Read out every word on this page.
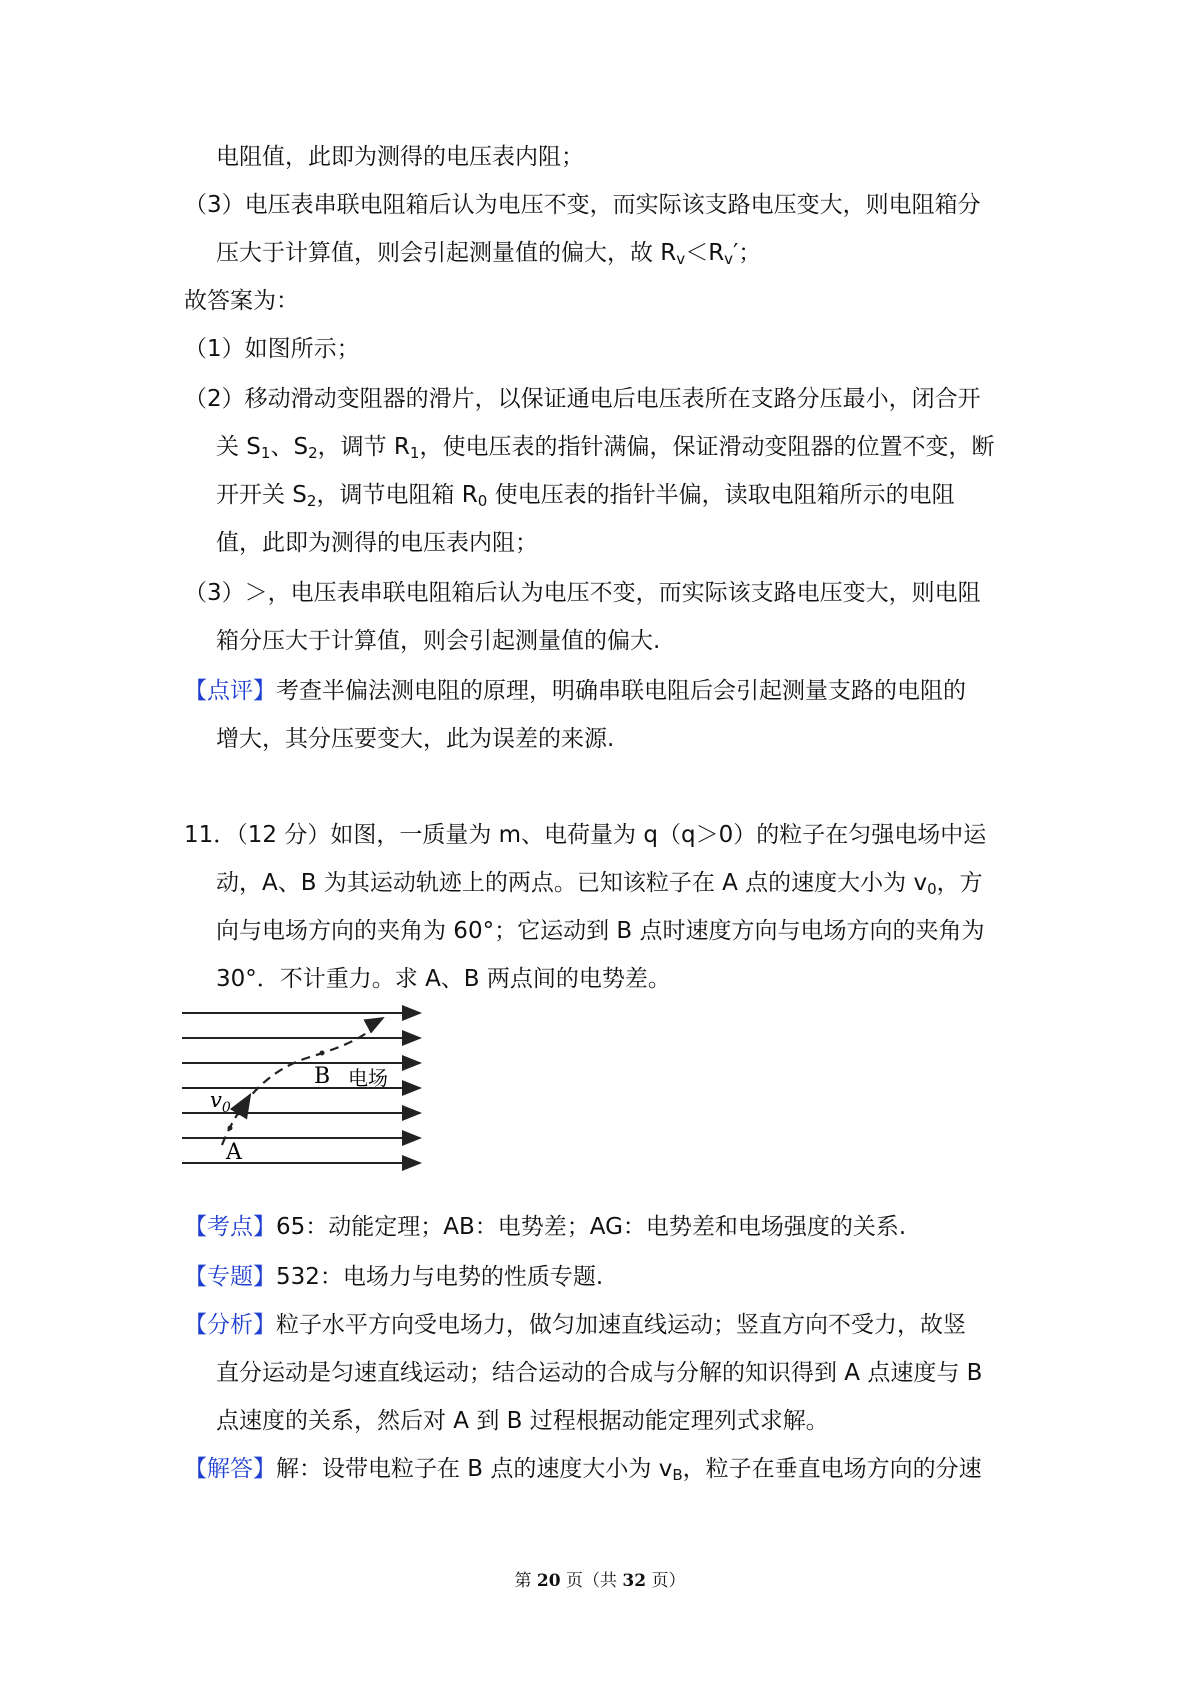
电阻值，此即为测得的电压表内阻；
（3）电压表串联电阻箱后认为电压不变，而实际该支路电压变大，则电阻箱分
压大于计算值，则会引起测量值的偏大，故 $R_v<R_v'$；
故答案为：
（1）如图所示；
（2）移动滑动变阻器的滑片，以保证通电后电压表所在支路分压最小，闭合开
关 $S_1$、$S_2$，调节 $R_1$，使电压表的指针满偏，保证滑动变阻器的位置不变，断
开开关 $S_2$，调节电阻箱 $R_0$ 使电压表的指针半偏，读取电阻箱所示的电阻
值，此即为测得的电压表内阻；
（3）＞，电压表串联电阻箱后认为电压不变，而实际该支路电压变大，则电阻
箱分压大于计算值，则会引起测量值的偏大.
【点评】考查半偏法测电阻的原理，明确串联电阻后会引起测量支路的电阻的
增大，其分压要变大，此为误差的来源.
11．（12 分）如图，一质量为 m、电荷量为 q（q＞0）的粒子在匀强电场中运
动，A、B 为其运动轨迹上的两点。已知该粒子在 A 点的速度大小为 $v_0$，方
向与电场方向的夹角为 60°；它运动到 B 点时速度方向与电场方向的夹角为
30°．不计重力。求 A、B 两点间的电势差。
A
B
$v_0$
电场
【考点】65：动能定理；AB：电势差；AG：电势差和电场强度的关系.
【专题】532：电场力与电势的性质专题.
【分析】粒子水平方向受电场力，做匀加速直线运动；竖直方向不受力，故竖
直分运动是匀速直线运动；结合运动的合成与分解的知识得到 A 点速度与 B
点速度的关系，然后对 A 到 B 过程根据动能定理列式求解。
【解答】解：设带电粒子在 B 点的速度大小为 $v_B$，粒子在垂直电场方向的分速
第 20 页（共 32 页）
